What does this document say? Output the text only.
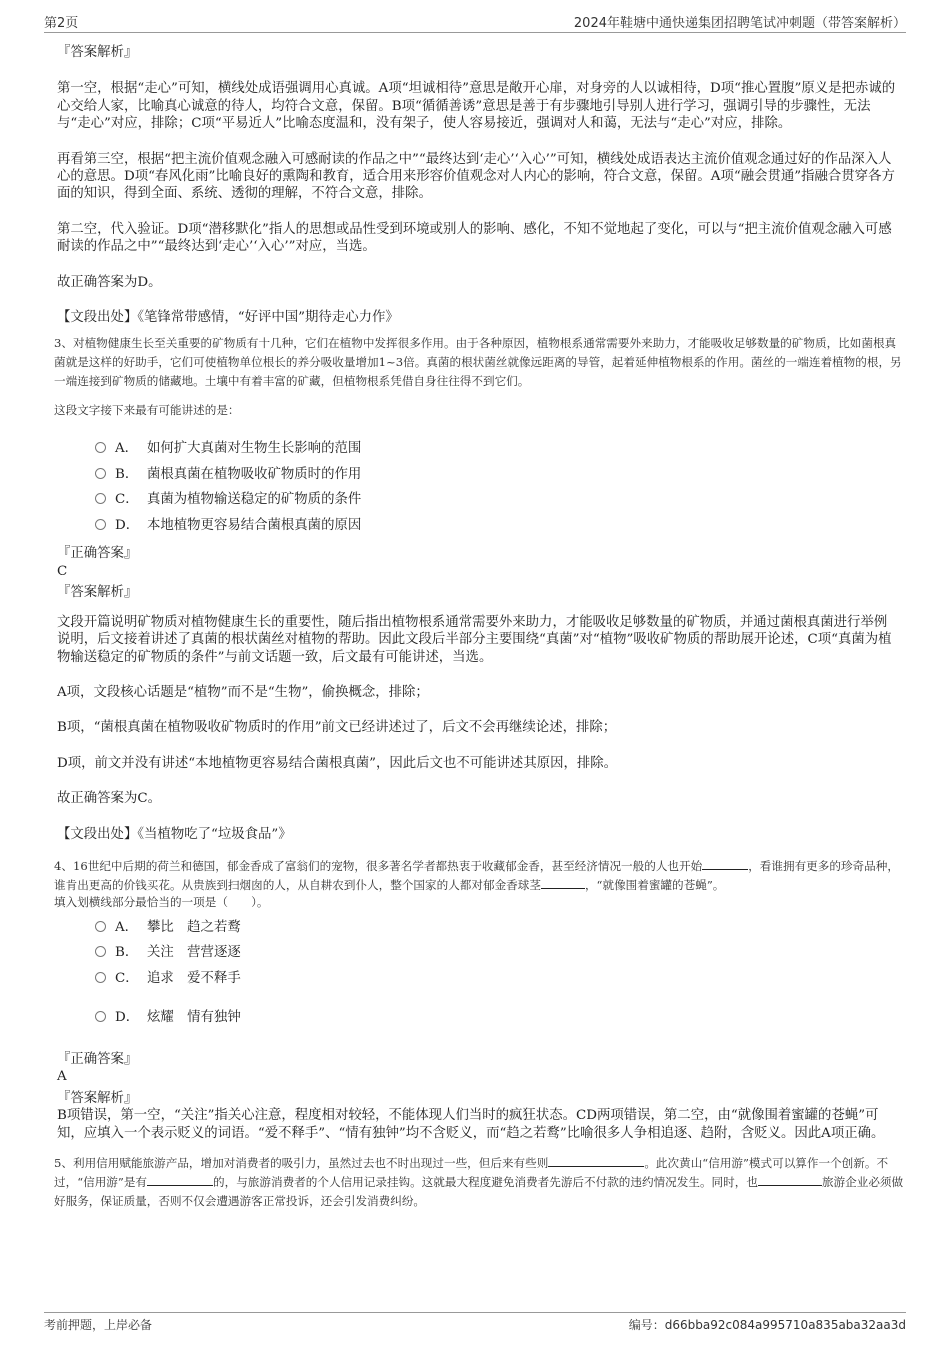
第2页	2024年鞋塘中通快递集团招聘笔试冲刺题（带答案解析）

『答案解析』

第一空，根据“走心”可知，横线处成语强调用心真诚。A项“坦诚相待”意思是敞开心扉，对身旁的人以诚相待，D项“推心置腹”原义是把赤诚的心交给人家，比喻真心诚意的待人，均符合文意，保留。B项“循循善诱”意思是善于有步骤地引导别人进行学习，强调引导的步骤性，无法与“走心”对应，排除；C项“平易近人”比喻态度温和，没有架子，使人容易接近，强调对人和蔼，无法与“走心”对应，排除。

再看第三空，根据“把主流价值观念融入可感耐读的作品之中”“最终达到‘走心’‘入心’”可知，横线处成语表达主流价值观念通过好的作品深入人心的意思。D项“春风化雨”比喻良好的熏陶和教育，适合用来形容价值观念对人内心的影响，符合文意，保留。A项“融会贯通”指融合贯穿各方面的知识，得到全面、系统、透彻的理解，不符合文意，排除。

第二空，代入验证。D项“潜移默化”指人的思想或品性受到环境或别人的影响、感化，不知不觉地起了变化，可以与“把主流价值观念融入可感耐读的作品之中”“最终达到‘走心’‘入心’”对应，当选。

故正确答案为D。

【文段出处】《笔锋常带感情，“好评中国”期待走心力作》

3、对植物健康生长至关重要的矿物质有十几种，它们在植物中发挥很多作用。由于各种原因，植物根系通常需要外来助力，才能吸收足够数量的矿物质，比如菌根真菌就是这样的好助手，它们可使植物单位根长的养分吸收量增加1~3倍。真菌的根状菌丝就像远距离的导管，起着延伸植物根系的作用。菌丝的一端连着植物的根，另一端连接到矿物质的储藏地。土壤中有着丰富的矿藏，但植物根系凭借自身往往得不到它们。

这段文字接下来最有可能讲述的是：

A． 如何扩大真菌对生物生长影响的范围
B． 菌根真菌在植物吸收矿物质时的作用
C． 真菌为植物输送稳定的矿物质的条件
D． 本地植物更容易结合菌根真菌的原因

『正确答案』

C

『答案解析』

文段开篇说明矿物质对植物健康生长的重要性，随后指出植物根系通常需要外来助力，才能吸收足够数量的矿物质，并通过菌根真菌进行举例说明，后文接着讲述了真菌的根状菌丝对植物的帮助。因此文段后半部分主要围绕“真菌”对“植物”吸收矿物质的帮助展开论述，C项“真菌为植物输送稳定的矿物质的条件”与前文话题一致，后文最有可能讲述，当选。

A项，文段核心话题是“植物”而不是“生物”，偷换概念，排除；

B项，“菌根真菌在植物吸收矿物质时的作用”前文已经讲述过了，后文不会再继续论述，排除；

D项，前文并没有讲述“本地植物更容易结合菌根真菌”，因此后文也不可能讲述其原因，排除。

故正确答案为C。

【文段出处】《当植物吃了“垃圾食品”》

4、16世纪中后期的荷兰和德国，郁金香成了富翁们的宠物，很多著名学者都热衷于收藏郁金香，甚至经济情况一般的人也开始	，看谁拥有更多的珍奇品种，谁肯出更高的价钱买花。从贵族到扫烟囱的人，从自耕农到仆人，整个国家的人都对郁金香球茎	，“就像围着蜜罐的苍蝇”。

填入划横线部分最恰当的一项是（　　）。

A． 攀比　趋之若鹜
B． 关注　营营逐逐
C． 追求　爱不释手
D． 炫耀　情有独钟

『正确答案』

A

『答案解析』

B项错误，第一空，“关注”指关心注意，程度相对较轻，不能体现人们当时的疯狂状态。CD两项错误，第二空，由“就像围着蜜罐的苍蝇”可知，应填入一个表示贬义的词语。“爱不释手”、“情有独钟”均不含贬义，而“趋之若鹜”比喻很多人争相追逐、趋附，含贬义。因此A项正确。

5、利用信用赋能旅游产品，增加对消费者的吸引力，虽然过去也不时出现过一些，但后来有些则	。此次黄山“信用游”模式可以算作一个创新。不过，“信用游”是有	的，与旅游消费者的个人信用记录挂钩。这就最大程度避免消费者先游后不付款的违约情况发生。同时，也	旅游企业必须做好服务，保证质量，否则不仅会遭遇游客正常投诉，还会引发消费纠纷。

考前押题，上岸必备	编号：d66bba92c084a995710a835aba32aa3d
